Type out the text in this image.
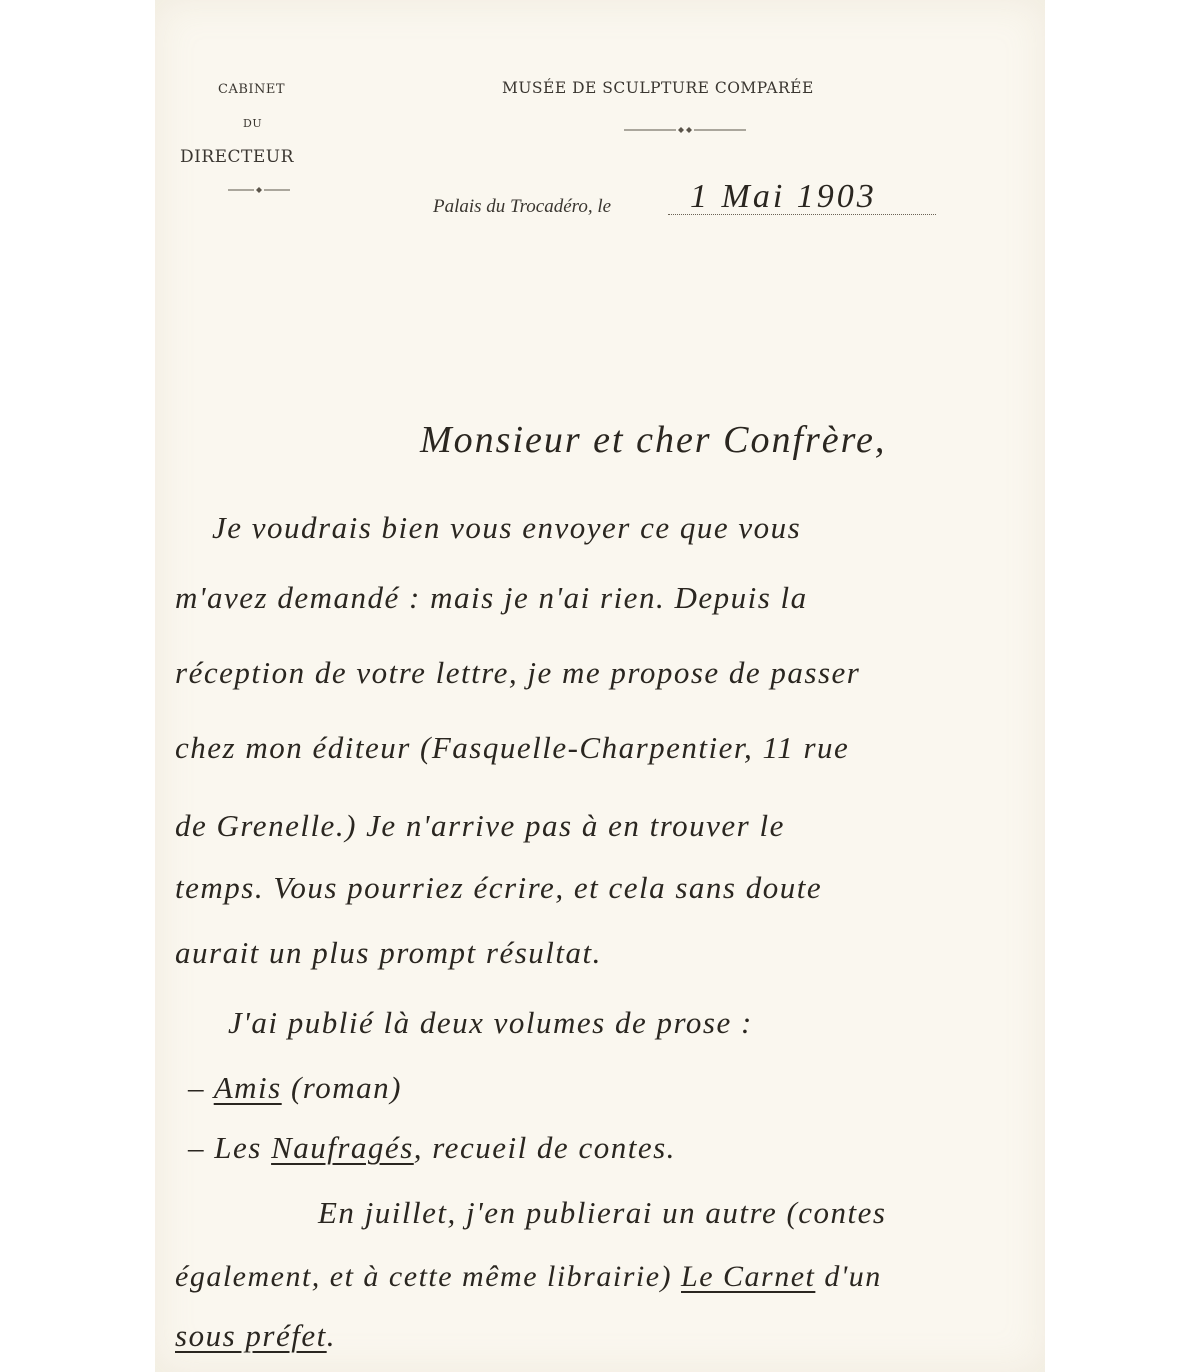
CABINET
DU
DIRECTEUR
MUSÉE DE SCULPTURE COMPARÉE
Palais du Trocadéro, le 1 Mai 1903
Monsieur et cher Confrère,
Je voudrais bien vous envoyer ce que vous
m'avez demandé : mais je n'ai rien. Depuis la
réception de votre lettre, je me propose de passer
chez mon éditeur (Fasquelle-Charpentier, 11 rue
de Grenelle.) Je n'arrive pas à en trouver le
temps. Vous pourriez écrire, et cela sans doute
aurait un plus prompt résultat.
J'ai publié là deux volumes de prose :
– Amis (roman)
– Les Naufragés, recueil de contes.
En juillet, j'en publierai un autre (contes
également, et à cette même librairie) Le Carnet d'un
sous préfet.
